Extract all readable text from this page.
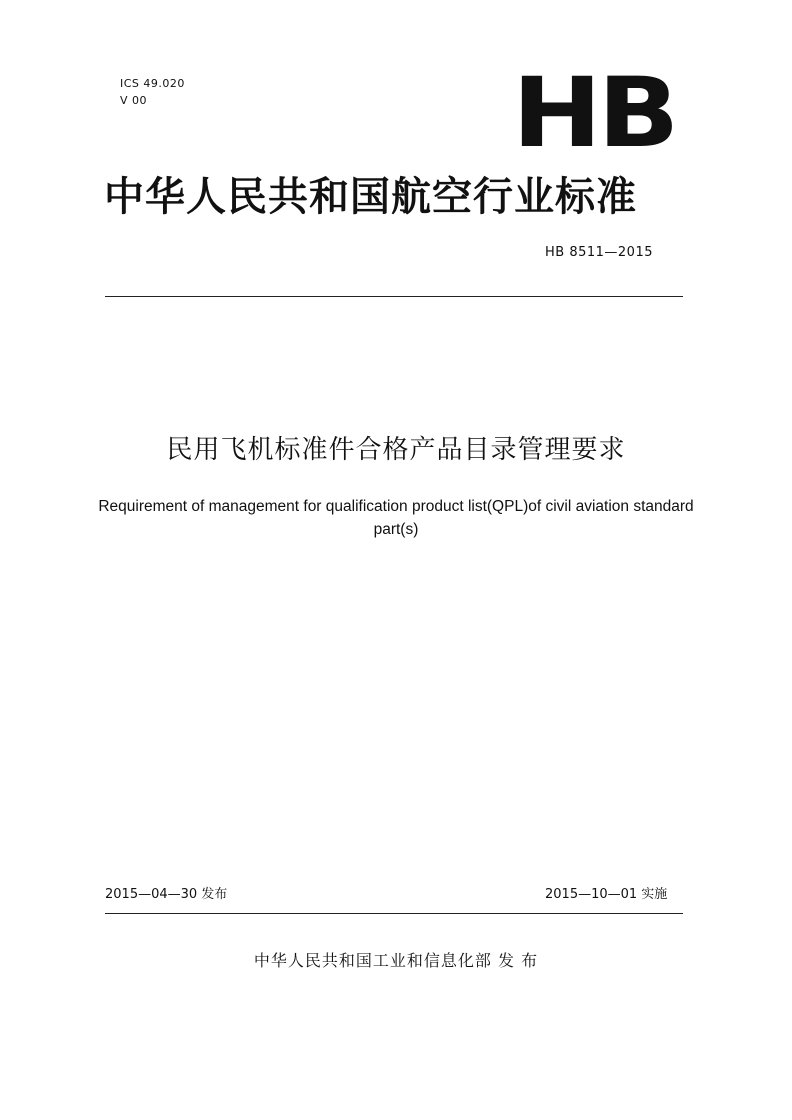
ICS 49.020
V 00	HB
中华人民共和国航空行业标准
HB 8511—2015
民用飞机标准件合格产品目录管理要求
Requirement of management for qualification product list(QPL)of civil aviation standard part(s)
2015—04—30 发布	2015—10—01 实施
中华人民共和国工业和信息化部 发 布
